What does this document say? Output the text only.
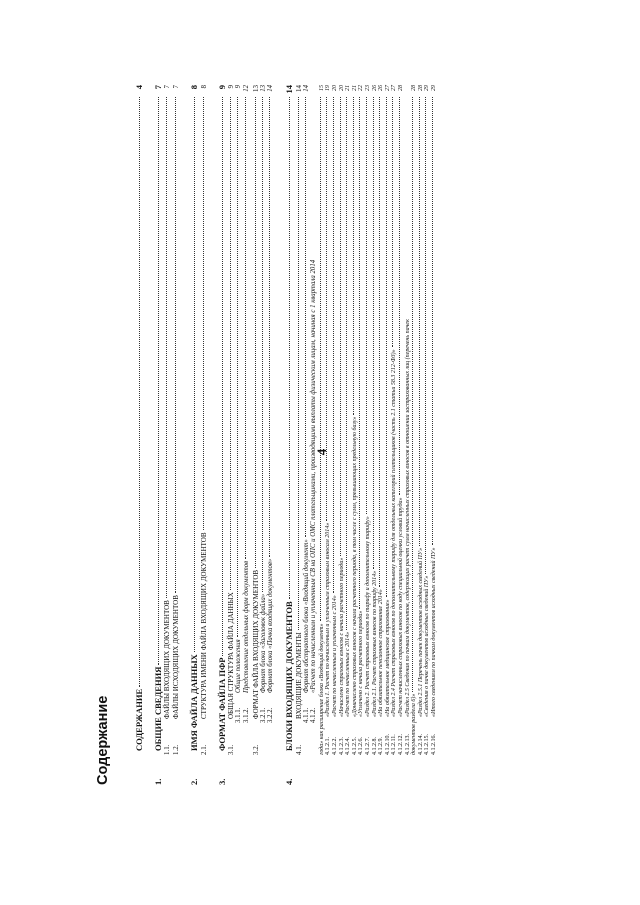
4
Содержание	СОДЕРЖАНИЕ
4
1.
ОБЩИЕ СВЕДЕНИЯ
7
1.1.
ФАЙЛЫ ВХОДЯЩИХ ДОКУМЕНТОВ
7
1.2.
ФАЙЛЫ ИСХОДЯЩИХ ДОКУМЕНТОВ
7
2.
ИМЯ ФАЙЛА ДАННЫХ
8
2.1.
СТРУКТУРА ИМЕНИ ФАЙЛА ВХОДЯЩИХ ДОКУМЕНТОВ
8
3.
ФОРМАТ ФАЙЛА ПФР
9
3.1.
ОБЩАЯ СТРУКТУРА ФАЙЛА ДАННЫХ
9
3.1.1.
Общие положения
9
3.1.2.
Представление отдельных форм документов
12
3.2.
ФОРМАТ ФАЙЛА ВХОДЯЩИХ ДОКУМЕНТОВ
13
3.2.1.
Формат блока «Заголовок файла»
13
3.2.2.
Формат блока «Пачка входящих документов»
14
4.
БЛОКИ ВХОДЯЩИХ ДОКУМЕНТОВ
14
4.1.
ВХОДЯЩИЕ ДОКУМЕНТЫ
14
4.1.1.
Формат абстрактного блока «Входящий документ»
14
4.1.2.
«Расчет по начисленным и уплаченным СВ на ОПС и ОМС плательщиками, производящими выплаты физическим лицам, начиная с 1 квартала 2014 года» как расширение блока «Входящий документ»
15
4.1.2.1.
«Раздел 1. Расчет по начисленным и уплаченным страховым взносам 2014»
19
4.1.2.2.
«Расчет по начисленным и уплаченным с 2014»
20
4.1.2.3.
«Начислено страховых взносов с начала расчетного периода»
20
4.1.2.4.
«Расчет по начисленным с 2014»
21
4.1.2.5.
«Доначислено страховых взносов с начала расчетного периода, в том числе с сумм, превышающих предельную базу»
21
4.1.2.6.
«Уплачено с начала расчетного периода»
22
4.1.2.7.
«Раздел 2. Расчет страховых взносов по тарифу и дополнительному тарифу»
23
4.1.2.8.
«Раздел 2.1. Расчет страховых взносов по тарифу 2014»
26
4.1.2.9.
«На обязательное пенсионное страхование 2014»
26
4.1.2.10.
«На обязательное медицинское страхование»
27
4.1.2.11.
«Раздел 2.4 Расчет страховых взносов по дополнительному тарифу для отдельных категорий плательщиков (часть 2.1 статьи 58.3 212-ФЗ)»
27
4.1.2.12.
«Расчет начисленных страховых взносов по коду специальной оценки условий труда»
28
4.1.2.13.
«Раздел 2.5 Сведения по пачкам документов, содержащих расчет сумм начисленных страховых взносов в отношении застрахованных лиц (перечень пачек
документов раздела 6)»
28
4.1.2.14.
«Раздел 2.5.1 Перечень пачек документов исходных сведений ПУ»
28
4.1.2.15.
«Сведения о пачке документов исходных сведений ПУ»
29
4.1.2.16.
«Итого сведениям по пачкам документов исходных сведений ПУ»
29
